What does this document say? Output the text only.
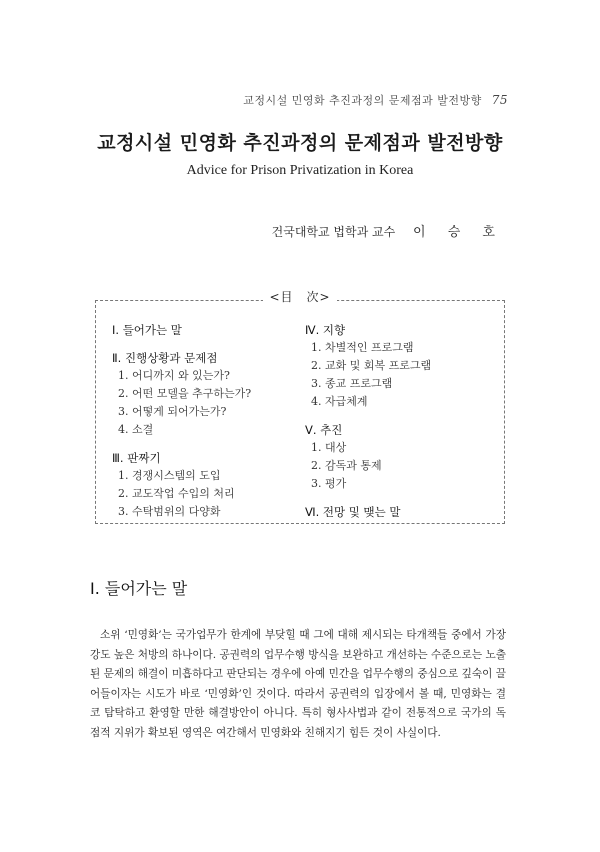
교정시설 민영화 추진과정의 문제점과 발전방향 75
교정시설 민영화 추진과정의 문제점과 발전방향
Advice for Prison Privatization in Korea
건국대학교 법학과 교수 이 승 호
<目　次>
Ⅰ. 들어가는 말
Ⅱ. 진행상황과 문제점
1. 어디까지 와 있는가?
2. 어떤 모델을 추구하는가?
3. 어떻게 되어가는가?
4. 소결
Ⅲ. 판짜기
1. 경쟁시스템의 도입
2. 교도작업 수입의 처리
3. 수탁범위의 다양화
Ⅳ. 지향
1. 차별적인 프로그램
2. 교화 및 회복 프로그램
3. 종교 프로그램
4. 자급체계
Ⅴ. 추진
1. 대상
2. 감독과 통제
3. 평가
Ⅵ. 전망 및 맺는 말
Ⅰ. 들어가는 말
소위 ‘민영화’는 국가업무가 한계에 부닺힐 때 그에 대해 제시되는 타개책들 중에서 가장 강도 높은 처방의 하나이다. 공권력의 업무수행 방식을 보완하고 개선하는 수준으로는 노출된 문제의 해결이 미흡하다고 판단되는 경우에 아예 민간을 업무수행의 중심으로 깊숙이 끌어들이자는 시도가 바로 ‘민영화’인 것이다. 따라서 공권력의 입장에서 볼 때, 민영화는 결코 탐탁하고 환영할 만한 해결방안이 아니다. 특히 형사사법과 같이 전통적으로 국가의 독점적 지위가 확보된 영역은 여간해서 민영화와 친해지기 힘든 것이 사실이다.
